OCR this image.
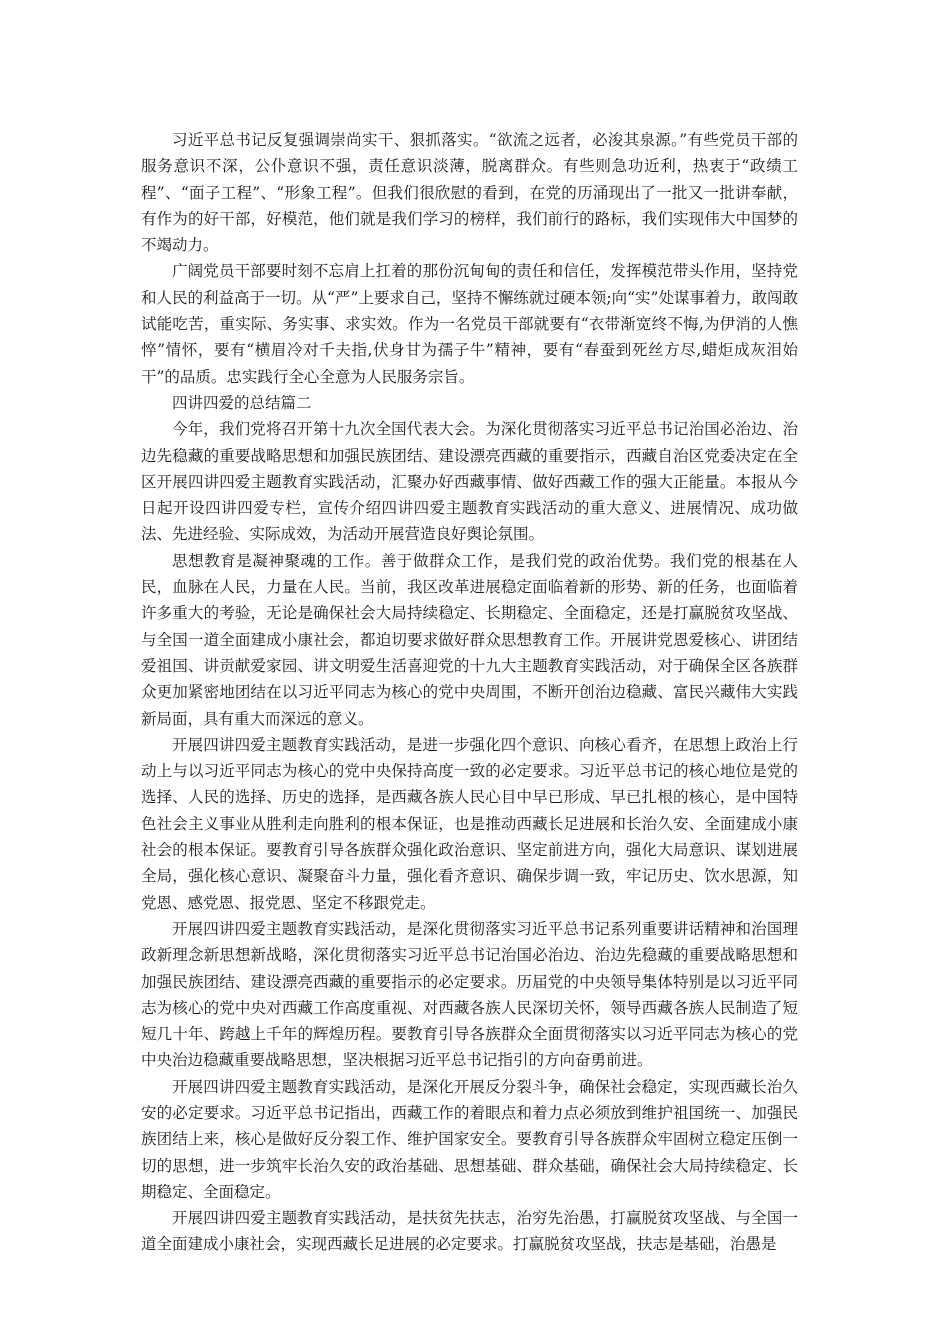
习近平总书记反复强调崇尚实干、狠抓落实。“欲流之远者，必浚其泉源。”有些党员干部的服务意识不深，公仆意识不强，责任意识淡薄，脱离群众。有些则急功近利，热衷于“政绩工程”、“面子工程”、“形象工程”。但我们很欣慰的看到，在党的历涌现出了一批又一批讲奉献，有作为的好干部，好模范，他们就是我们学习的榜样，我们前行的路标，我们实现伟大中国梦的不竭动力。

广阔党员干部要时刻不忘肩上扛着的那份沉甸甸的责任和信任，发挥模范带头作用，坚持党和人民的利益高于一切。从“严”上要求自己，坚持不懈练就过硬本领;向“实”处谋事着力，敢闯敢试能吃苦，重实际、务实事、求实效。作为一名党员干部就要有“衣带渐宽终不悔,为伊消的人憔悴”情怀，要有“横眉冷对千夫指,伏身甘为孺子牛”精神，要有“春蚕到死丝方尽,蜡炬成灰泪始干”的品质。忠实践行全心全意为人民服务宗旨。

四讲四爱的总结篇二

今年，我们党将召开第十九次全国代表大会。为深化贯彻落实习近平总书记治国必治边、治边先稳藏的重要战略思想和加强民族团结、建设漂亮西藏的重要指示，西藏自治区党委决定在全区开展四讲四爱主题教育实践活动，汇聚办好西藏事情、做好西藏工作的强大正能量。本报从今日起开设四讲四爱专栏，宣传介绍四讲四爱主题教育实践活动的重大意义、进展情况、成功做法、先进经验、实际成效，为活动开展营造良好舆论氛围。

思想教育是凝神聚魂的工作。善于做群众工作，是我们党的政治优势。我们党的根基在人民，血脉在人民，力量在人民。当前，我区改革进展稳定面临着新的形势、新的任务，也面临着许多重大的考验，无论是确保社会大局持续稳定、长期稳定、全面稳定，还是打赢脱贫攻坚战、与全国一道全面建成小康社会，都迫切要求做好群众思想教育工作。开展讲党恩爱核心、讲团结爱祖国、讲贡献爱家园、讲文明爱生活喜迎党的十九大主题教育实践活动，对于确保全区各族群众更加紧密地团结在以习近平同志为核心的党中央周围，不断开创治边稳藏、富民兴藏伟大实践新局面，具有重大而深远的意义。

开展四讲四爱主题教育实践活动，是进一步强化四个意识、向核心看齐，在思想上政治上行动上与以习近平同志为核心的党中央保持高度一致的必定要求。习近平总书记的核心地位是党的选择、人民的选择、历史的选择，是西藏各族人民心目中早已形成、早已扎根的核心，是中国特色社会主义事业从胜利走向胜利的根本保证，也是推动西藏长足进展和长治久安、全面建成小康社会的根本保证。要教育引导各族群众强化政治意识、坚定前进方向，强化大局意识、谋划进展全局，强化核心意识、凝聚奋斗力量，强化看齐意识、确保步调一致，牢记历史、饮水思源，知党恩、感党恩、报党恩、坚定不移跟党走。

开展四讲四爱主题教育实践活动，是深化贯彻落实习近平总书记系列重要讲话精神和治国理政新理念新思想新战略，深化贯彻落实习近平总书记治国必治边、治边先稳藏的重要战略思想和加强民族团结、建设漂亮西藏的重要指示的必定要求。历届党的中央领导集体特别是以习近平同志为核心的党中央对西藏工作高度重视、对西藏各族人民深切关怀，领导西藏各族人民制造了短短几十年、跨越上千年的辉煌历程。要教育引导各族群众全面贯彻落实以习近平同志为核心的党中央治边稳藏重要战略思想，坚决根据习近平总书记指引的方向奋勇前进。

开展四讲四爱主题教育实践活动，是深化开展反分裂斗争，确保社会稳定，实现西藏长治久安的必定要求。习近平总书记指出，西藏工作的着眼点和着力点必须放到维护祖国统一、加强民族团结上来，核心是做好反分裂工作、维护国家安全。要教育引导各族群众牢固树立稳定压倒一切的思想，进一步筑牢长治久安的政治基础、思想基础、群众基础，确保社会大局持续稳定、长期稳定、全面稳定。

开展四讲四爱主题教育实践活动，是扶贫先扶志，治穷先治愚，打赢脱贫攻坚战、与全国一道全面建成小康社会，实现西藏长足进展的必定要求。打赢脱贫攻坚战，扶志是基础，治愚是
